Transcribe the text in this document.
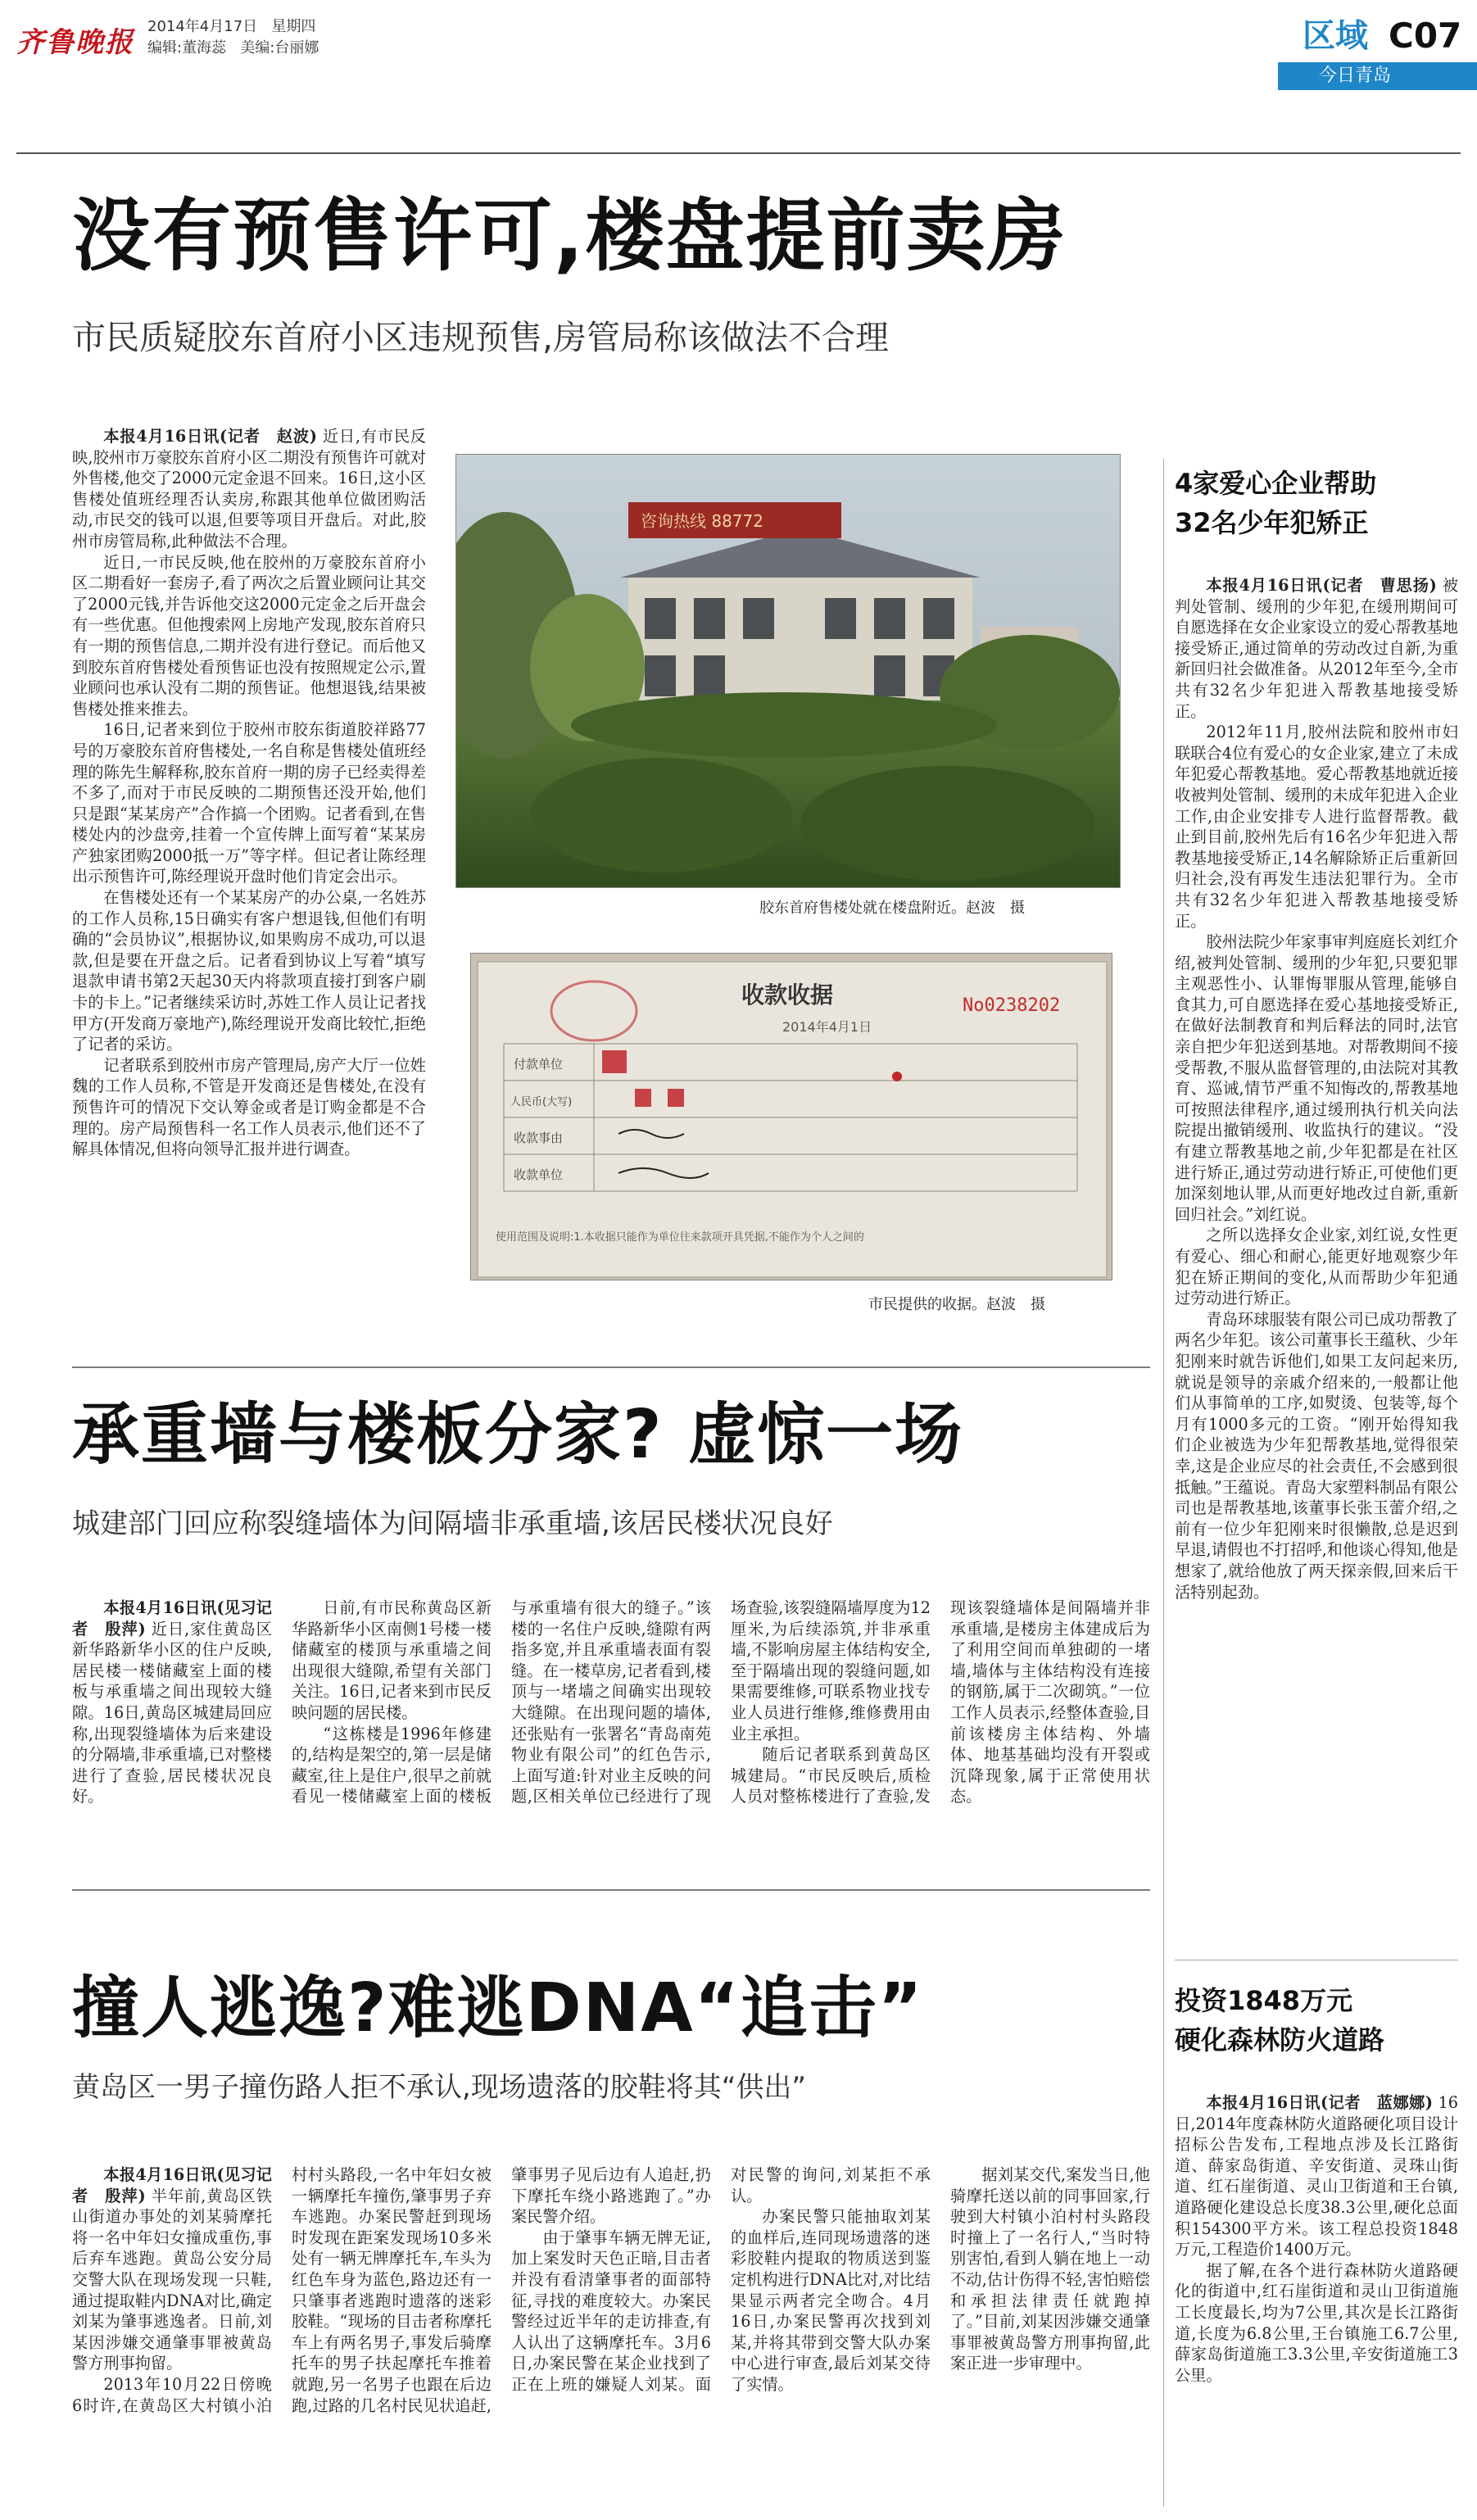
齐鲁晚报 2014年4月17日 星期四
编辑:董海蕊 美编:台丽娜	区域 C07
今日青岛
没有预售许可,楼盘提前卖房
市民质疑胶东首府小区违规预售,房管局称该做法不合理

本报4月16日讯(记者　赵波) 近日,有市民反映,胶州市万豪胶东首府小区二期没有预售许可就对外售楼,他交了2000元定金退不回来。16日,这小区售楼处值班经理否认卖房,称跟其他单位做团购活动,市民交的钱可以退,但要等项目开盘后。对此,胶州市房管局称,此种做法不合理。

近日,一市民反映,他在胶州的万豪胶东首府小区二期看好一套房子,看了两次之后置业顾问让其交了2000元钱,并告诉他交这2000元定金之后开盘会有一些优惠。但他搜索网上房地产发现,胶东首府只有一期的预售信息,二期并没有进行登记。而后他又到胶东首府售楼处看预售证也没有按照规定公示,置业顾问也承认没有二期的预售证。他想退钱,结果被售楼处推来推去。

16日,记者来到位于胶州市胶东街道胶祥路77号的万豪胶东首府售楼处,一名自称是售楼处值班经理的陈先生解释称,胶东首府一期的房子已经卖得差不多了,而对于市民反映的二期预售还没开始,他们只是跟“某某房产”合作搞一个团购。记者看到,在售楼处内的沙盘旁,挂着一个宣传牌上面写着“某某房产独家团购2000抵一万”等字样。但记者让陈经理出示预售许可,陈经理说开盘时他们肯定会出示。

在售楼处还有一个某某房产的办公桌,一名姓苏的工作人员称,15日确实有客户想退钱,但他们有明确的“会员协议”,根据协议,如果购房不成功,可以退款,但是要在开盘之后。记者看到协议上写着“填写退款申请书第2天起30天内将款项直接打到客户刷卡的卡上。”记者继续采访时,苏姓工作人员让记者找甲方(开发商万豪地产),陈经理说开发商比较忙,拒绝了记者的采访。

记者联系到胶州市房产管理局,房产大厅一位姓魏的工作人员称,不管是开发商还是售楼处,在没有预售许可的情况下交认筹金或者是订购金都是不合理的。房产局预售科一名工作人员表示,他们还不了解具体情况,但将向领导汇报并进行调查。

咨询热线 88772
胶东首府售楼处就在楼盘附近。赵波　摄
收款收据	No0238202
2014年4月1日
付款单位
人民币(大写)
收款事由
收款单位
使用范围及说明:1.本收据只能作为单位往来款项开具凭据,不能作为个人之间的
市民提供的收据。赵波　摄
承重墙与楼板分家? 虚惊一场
城建部门回应称裂缝墙体为间隔墙非承重墙,该居民楼状况良好

本报4月16日讯(见习记者　殷萍) 近日,家住黄岛区新华路新华小区的住户反映,居民楼一楼储藏室上面的楼板与承重墙之间出现较大缝隙。16日,黄岛区城建局回应称,出现裂缝墙体为后来建设的分隔墙,非承重墙,已对整楼进行了查验,居民楼状况良好。

日前,有市民称黄岛区新华路新华小区南侧1号楼一楼储藏室的楼顶与承重墙之间出现很大缝隙,希望有关部门关注。16日,记者来到市民反映问题的居民楼。

“这栋楼是1996年修建的,结构是架空的,第一层是储藏室,往上是住户,很早之前就看见一楼储藏室上面的楼板与承重墙有很大的缝子。”该楼的一名住户反映,缝隙有两指多宽,并且承重墙表面有裂缝。在一楼草房,记者看到,楼顶与一堵墙之间确实出现较大缝隙。在出现问题的墙体,还张贴有一张署名“青岛南苑物业有限公司”的红色告示,上面写道:针对业主反映的问题,区相关单位已经进行了现场查验,该裂缝隔墙厚度为12厘米,为后续添筑,并非承重墙,不影响房屋主体结构安全,至于隔墙出现的裂缝问题,如果需要维修,可联系物业找专业人员进行维修,维修费用由业主承担。

随后记者联系到黄岛区城建局。“市民反映后,质检人员对整栋楼进行了查验,发现该裂缝墙体是间隔墙并非承重墙,是楼房主体建成后为了利用空间而单独砌的一堵墙,墙体与主体结构没有连接的钢筋,属于二次砌筑。”一位工作人员表示,经整体查验,目前该楼房主体结构、外墙体、地基基础均没有开裂或沉降现象,属于正常使用状态。

撞人逃逸?难逃DNA“追击”
黄岛区一男子撞伤路人拒不承认,现场遗落的胶鞋将其“供出”

本报4月16日讯(见习记者　殷萍) 半年前,黄岛区铁山街道办事处的刘某骑摩托将一名中年妇女撞成重伤,事后弃车逃跑。黄岛公安分局交警大队在现场发现一只鞋,通过提取鞋内DNA对比,确定刘某为肇事逃逸者。日前,刘某因涉嫌交通肇事罪被黄岛警方刑事拘留。

2013年10月22日傍晚6时许,在黄岛区大村镇小泊村村头路段,一名中年妇女被一辆摩托车撞伤,肇事男子弃车逃跑。办案民警赶到现场时发现在距案发现场10多米处有一辆无牌摩托车,车头为红色车身为蓝色,路边还有一只肇事者逃跑时遗落的迷彩胶鞋。“现场的目击者称摩托车上有两名男子,事发后骑摩托车的男子扶起摩托车推着就跑,另一名男子也跟在后边跑,过路的几名村民见状追赶,肇事男子见后边有人追赶,扔下摩托车绕小路逃跑了。”办案民警介绍。

由于肇事车辆无牌无证,加上案发时天色正暗,目击者并没有看清肇事者的面部特征,寻找的难度较大。办案民警经过近半年的走访排查,有人认出了这辆摩托车。3月6日,办案民警在某企业找到了正在上班的嫌疑人刘某。面对民警的询问,刘某拒不承认。

办案民警只能抽取刘某的血样后,连同现场遗落的迷彩胶鞋内提取的物质送到鉴定机构进行DNA比对,对比结果显示两者完全吻合。4月16日,办案民警再次找到刘某,并将其带到交警大队办案中心进行审查,最后刘某交待了实情。

据刘某交代,案发当日,他骑摩托送以前的同事回家,行驶到大村镇小泊村村头路段时撞上了一名行人,“当时特别害怕,看到人躺在地上一动不动,估计伤得不轻,害怕赔偿和承担法律责任就跑掉了。”目前,刘某因涉嫌交通肇事罪被黄岛警方刑事拘留,此案正进一步审理中。

4家爱心企业帮助
32名少年犯矫正

本报4月16日讯(记者　曹思扬) 被判处管制、缓刑的少年犯,在缓刑期间可自愿选择在女企业家设立的爱心帮教基地接受矫正,通过简单的劳动改过自新,为重新回归社会做准备。从2012年至今,全市共有32名少年犯进入帮教基地接受矫正。

2012年11月,胶州法院和胶州市妇联联合4位有爱心的女企业家,建立了未成年犯爱心帮教基地。爱心帮教基地就近接收被判处管制、缓刑的未成年犯进入企业工作,由企业安排专人进行监督帮教。截止到目前,胶州先后有16名少年犯进入帮教基地接受矫正,14名解除矫正后重新回归社会,没有再发生违法犯罪行为。全市共有32名少年犯进入帮教基地接受矫正。

胶州法院少年家事审判庭庭长刘红介绍,被判处管制、缓刑的少年犯,只要犯罪主观恶性小、认罪悔罪服从管理,能够自食其力,可自愿选择在爱心基地接受矫正,在做好法制教育和判后释法的同时,法官亲自把少年犯送到基地。对帮教期间不接受帮教,不服从监督管理的,由法院对其教育、巡诫,情节严重不知悔改的,帮教基地可按照法律程序,通过缓刑执行机关向法院提出撤销缓刑、收监执行的建议。“没有建立帮教基地之前,少年犯都是在社区进行矫正,通过劳动进行矫正,可使他们更加深刻地认罪,从而更好地改过自新,重新回归社会。”刘红说。

之所以选择女企业家,刘红说,女性更有爱心、细心和耐心,能更好地观察少年犯在矫正期间的变化,从而帮助少年犯通过劳动进行矫正。

青岛环球服装有限公司已成功帮教了两名少年犯。该公司董事长王蕴秋、少年犯刚来时就告诉他们,如果工友问起来历,就说是领导的亲戚介绍来的,一般都让他们从事简单的工序,如熨烫、包装等,每个月有1000多元的工资。“刚开始得知我们企业被选为少年犯帮教基地,觉得很荣幸,这是企业应尽的社会责任,不会感到很抵触。”王蕴说。青岛大家塑料制品有限公司也是帮教基地,该董事长张玉蕾介绍,之前有一位少年犯刚来时很懒散,总是迟到早退,请假也不打招呼,和他谈心得知,他是想家了,就给他放了两天探亲假,回来后干活特别起劲。

投资1848万元
硬化森林防火道路

本报4月16日讯(记者　蓝娜娜) 16日,2014年度森林防火道路硬化项目设计招标公告发布,工程地点涉及长江路街道、薛家岛街道、辛安街道、灵珠山街道、红石崖街道、灵山卫街道和王台镇,道路硬化建设总长度38.3公里,硬化总面积154300平方米。该工程总投资1848万元,工程造价1400万元。

据了解,在各个进行森林防火道路硬化的街道中,红石崖街道和灵山卫街道施工长度最长,均为7公里,其次是长江路街道,长度为6.8公里,王台镇施工6.7公里,薛家岛街道施工3.3公里,辛安街道施工3公里。
